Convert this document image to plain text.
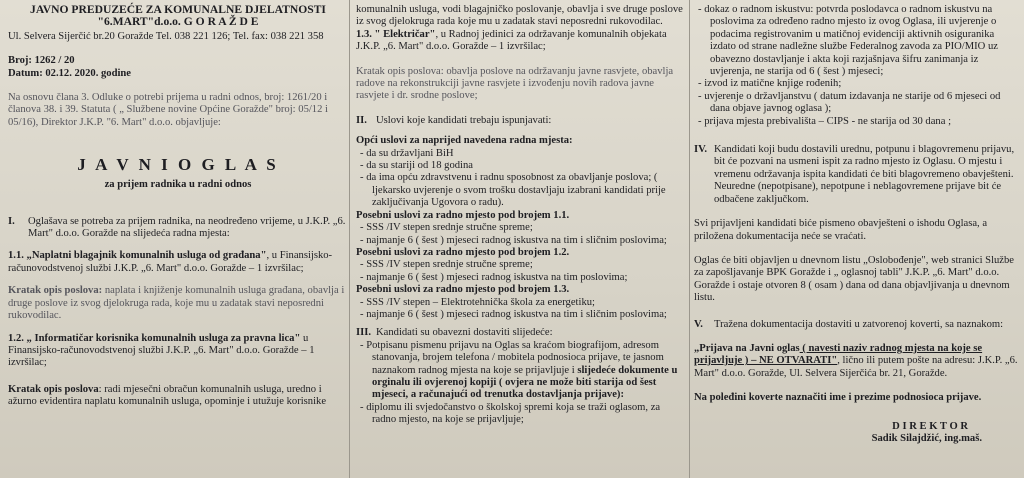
JAVNO PREDUZEĆE ZA KOMUNALNE DJELATNOSTI

"6.MART"d.o.o. G O R A Ž D E

Ul. Selvera Sijerčić br.20 Goražde Tel. 038 221 126; Tel. fax: 038 221 358

Broj: 1262 / 20

Datum: 02.12. 2020. godine

Na osnovu člana 3. Odluke o potrebi prijema u radni odnos, broj: 1261/20 i članova 38. i 39. Statuta ( „ Službene novine Općine Goražde" broj: 05/12 i 05/16), Direktor J.K.P. "6. Mart" d.o.o. objavljuje:

J A V N I O G L A S

za prijem radnika u radni odnos

I. Oglašava se potreba za prijem radnika, na neodređeno vrijeme, u J.K.P. „6. Mart" d.o.o. Goražde na slijedeća radna mjesta:

1.1. „Naplatni blagajnik komunalnih usluga od građana", u Finansijsko-računovodstvenoj službi J.K.P. „6. Mart" d.o.o. Goražde – 1 izvršilac;

Kratak opis poslova: naplata i knjiženje komunalnih usluga građana, obavlja i druge poslove iz svog djelokruga rada, koje mu u zadatak stavi neposredni rukovodilac.

1.2. „ Informatičar korisnika komunalnih usluga za pravna lica" u Finansijsko-računovodstvenoj službi J.K.P. „6. Mart" d.o.o. Goražde – 1 izvršilac;

Kratak opis poslova: radi mjesečni obračun komunalnih usluga, uredno i ažurno evidentira naplatu komunalnih usluga, opominje i utužuje korisnike

komunalnih usluga, vodi blagajničko poslovanje, obavlja i sve druge poslove iz svog djelokruga rada koje mu u zadatak stavi neposredni rukovodilac.

1.3. " Električar", u Radnoj jedinici za održavanje komunalnih objekata J.K.P. „6. Mart" d.o.o. Goražde – 1 izvršilac;

Kratak opis poslova: obavlja poslove na održavanju javne rasvjete, obavlja radove na rekonstrukciji javne rasvjete i izvođenju novih radova javne rasvjete i dr. srodne poslove;

II. Uslovi koje kandidati trebaju ispunjavati:

Opći uslovi za naprijed navedena radna mjesta:

- da su državljani BiH

- da su stariji od 18 godina

- da ima opću zdravstvenu i radnu sposobnost za obavljanje poslova; ( ljekarsko uvjerenje o svom trošku dostavljaju izabrani kandidati prije zaključivanja Ugovora o radu).

Posebni uslovi za radno mjesto pod brojem 1.1.

- SSS /IV stepen srednje stručne spreme;

- najmanje 6 ( šest ) mjeseci radnog iskustva na tim i sličnim poslovima;

Posebni uslovi za radno mjesto pod brojem 1.2.

- SSS /IV stepen srednje stručne spreme;

- najmanje 6 ( šest ) mjeseci radnog iskustva na tim poslovima;

Posebni uslovi za radno mjesto pod brojem 1.3.

- SSS /IV stepen – Elektrotehnička škola za energetiku;

- najmanje 6 ( šest ) mjeseci radnog iskustva na tim i sličnim poslovima;

III. Kandidati su obavezni dostaviti slijedeće:

- Potpisanu pismenu prijavu na Oglas sa kraćom biografijom, adresom stanovanja, brojem telefona / mobitela podnosioca prijave, te jasnom naznakom radnog mjesta na koje se prijavljuje i slijedeće dokumente u orginalu ili ovjerenoj kopiji ( ovjera ne može biti starija od šest mjeseci, a računajući od trenutka dostavljanja prijave):

- diplomu ili svjedočanstvo o školskoj spremi koja se traži oglasom, za radno mjesto, na koje se prijavljuje;

- dokaz o radnom iskustvu: potvrda poslodavca o radnom iskustvu na poslovima za određeno radno mjesto iz ovog Oglasa, ili uvjerenje o podacima registrovanim u matičnoj evidenciji aktivnih osiguranika izdato od strane nadležne službe Federalnog zavoda za PIO/MIO uz obavezno dostavljanje i akta koji razjašnjava šifru zanimanja iz uvjerenja, ne starija od 6 ( šest ) mjeseci;

- izvod iz matične knjige rođenih;

- uvjerenje o državljanstvu ( datum izdavanja ne starije od 6 mjeseci od dana objave javnog oglasa );

- prijava mjesta prebivališta – CIPS - ne starija od 30 dana ;

IV. Kandidati koji budu dostavili urednu, potpunu i blagovremenu prijavu, bit će pozvani na usmeni ispit za radno mjesto iz Oglasu. O mjestu i vremenu održavanja ispita kandidati će biti blagovremeno obavješteni.

Neuredne (nepotpisane), nepotpune i neblagovremene prijave bit će odbačene zaključkom.

Svi prijavljeni kandidati biće pismeno obavješteni o ishodu Oglasa, a priložena dokumentacija neće se vraćati.

Oglas će biti objavljen u dnevnom listu „Oslobođenje", web stranici Službe za zapošljavanje BPK Goražde i „ oglasnoj tabli" J.K.P. „6. Mart" d.o.o. Goražde i ostaje otvoren 8 ( osam ) dana od dana objavljivanja u dnevnom listu.

V. Tražena dokumentacija dostaviti u zatvorenoj koverti, sa naznakom:

„Prijava na Javni oglas ( navesti naziv radnog mjesta na koje se prijavljuje ) – NE OTVARATI", lično ili putem pošte na adresu: J.K.P. „6. Mart" d.o.o. Goražde, Ul. Selvera Sijerčića br. 21, Goražde.

Na poleđini koverte naznačiti ime i prezime podnosioca prijave.

D I R E K T O R

Sadik Silajdžić, ing.maš.
